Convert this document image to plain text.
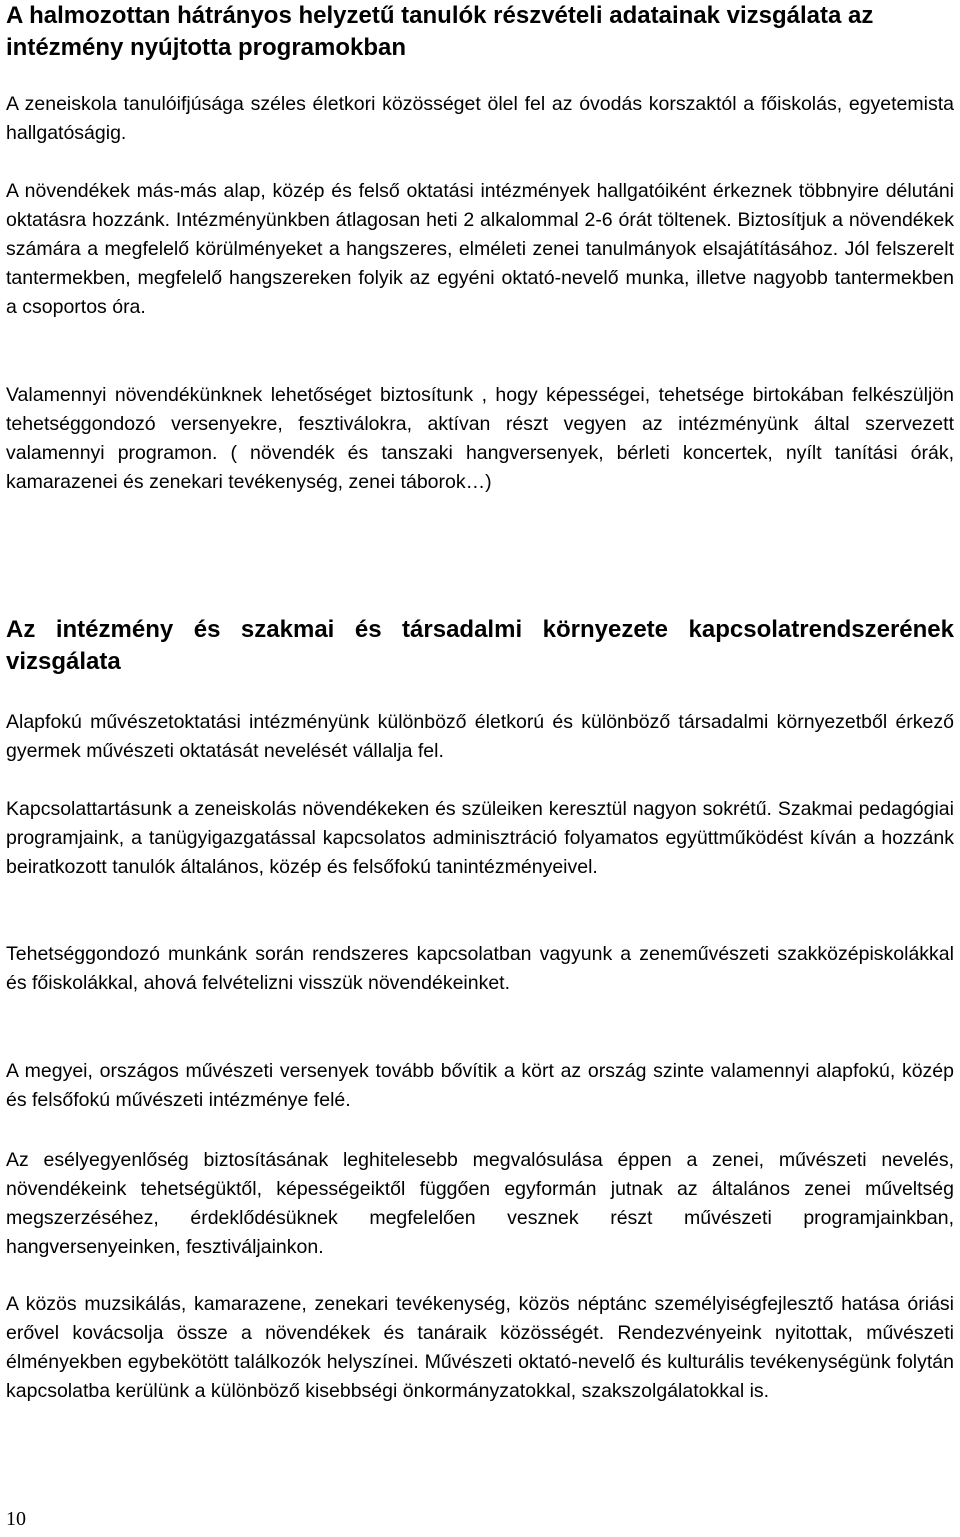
A halmozottan hátrányos helyzetű tanulók részvételi adatainak vizsgálata az intézmény nyújtotta programokban
A zeneiskola tanulóifjúsága széles életkori közösséget ölel fel az óvodás korszaktól a főiskolás, egyetemista hallgatóságig.
A növendékek más-más alap, közép és felső oktatási intézmények hallgatóiként érkeznek többnyire délutáni oktatásra hozzánk. Intézményünkben átlagosan heti 2 alkalommal 2-6 órát töltenek. Biztosítjuk a növendékek számára a megfelelő körülményeket a hangszeres, elméleti zenei tanulmányok elsajátításához. Jól felszerelt tantermekben, megfelelő hangszereken folyik az egyéni oktató-nevelő munka, illetve nagyobb tantermekben a csoportos óra.
Valamennyi növendékünknek lehetőséget biztosítunk , hogy képességei, tehetsége birtokában felkészüljön tehetséggondozó versenyekre, fesztiválokra, aktívan részt vegyen az intézményünk által szervezett valamennyi programon. ( növendék és tanszaki hangversenyek, bérleti koncertek, nyílt tanítási órák, kamarazenei és zenekari tevékenység, zenei táborok…)
Az intézmény és szakmai és társadalmi környezete kapcsolatrendszerének vizsgálata
Alapfokú művészetoktatási intézményünk különböző életkorú és különböző társadalmi környezetből érkező gyermek művészeti oktatását nevelését vállalja fel.
Kapcsolattartásunk a zeneiskolás növendékeken és szüleiken keresztül nagyon sokrétű. Szakmai pedagógiai programjaink, a tanügyigazgatással kapcsolatos adminisztráció folyamatos együttműködést kíván a hozzánk beiratkozott tanulók általános, közép és felsőfokú tanintézményeivel.
Tehetséggondozó munkánk során rendszeres kapcsolatban vagyunk a zeneművészeti szakközépiskolákkal és főiskolákkal, ahová felvételizni visszük növendékeinket.
A megyei, országos művészeti versenyek tovább bővítik a kört az ország szinte valamennyi alapfokú, közép és felsőfokú művészeti intézménye felé.
Az esélyegyenlőség biztosításának leghitelesebb megvalósulása éppen a zenei, művészeti nevelés, növendékeink tehetségüktől, képességeiktől függően egyformán jutnak az általános zenei műveltség megszerzéséhez, érdeklődésüknek megfelelően vesznek részt művészeti programjainkban, hangversenyeinken, fesztiváljainkon.
A közös muzsikálás, kamarazene, zenekari tevékenység, közös néptánc személyiségfejlesztő hatása óriási erővel kovácsolja össze a növendékek és tanáraik közösségét. Rendezvényeink nyitottak, művészeti élményekben egybekötött találkozók helyszínei. Művészeti oktató-nevelő és kulturális tevékenységünk folytán kapcsolatba kerülünk a különböző kisebbségi önkormányzatokkal, szakszolgálatokkal is.
10
